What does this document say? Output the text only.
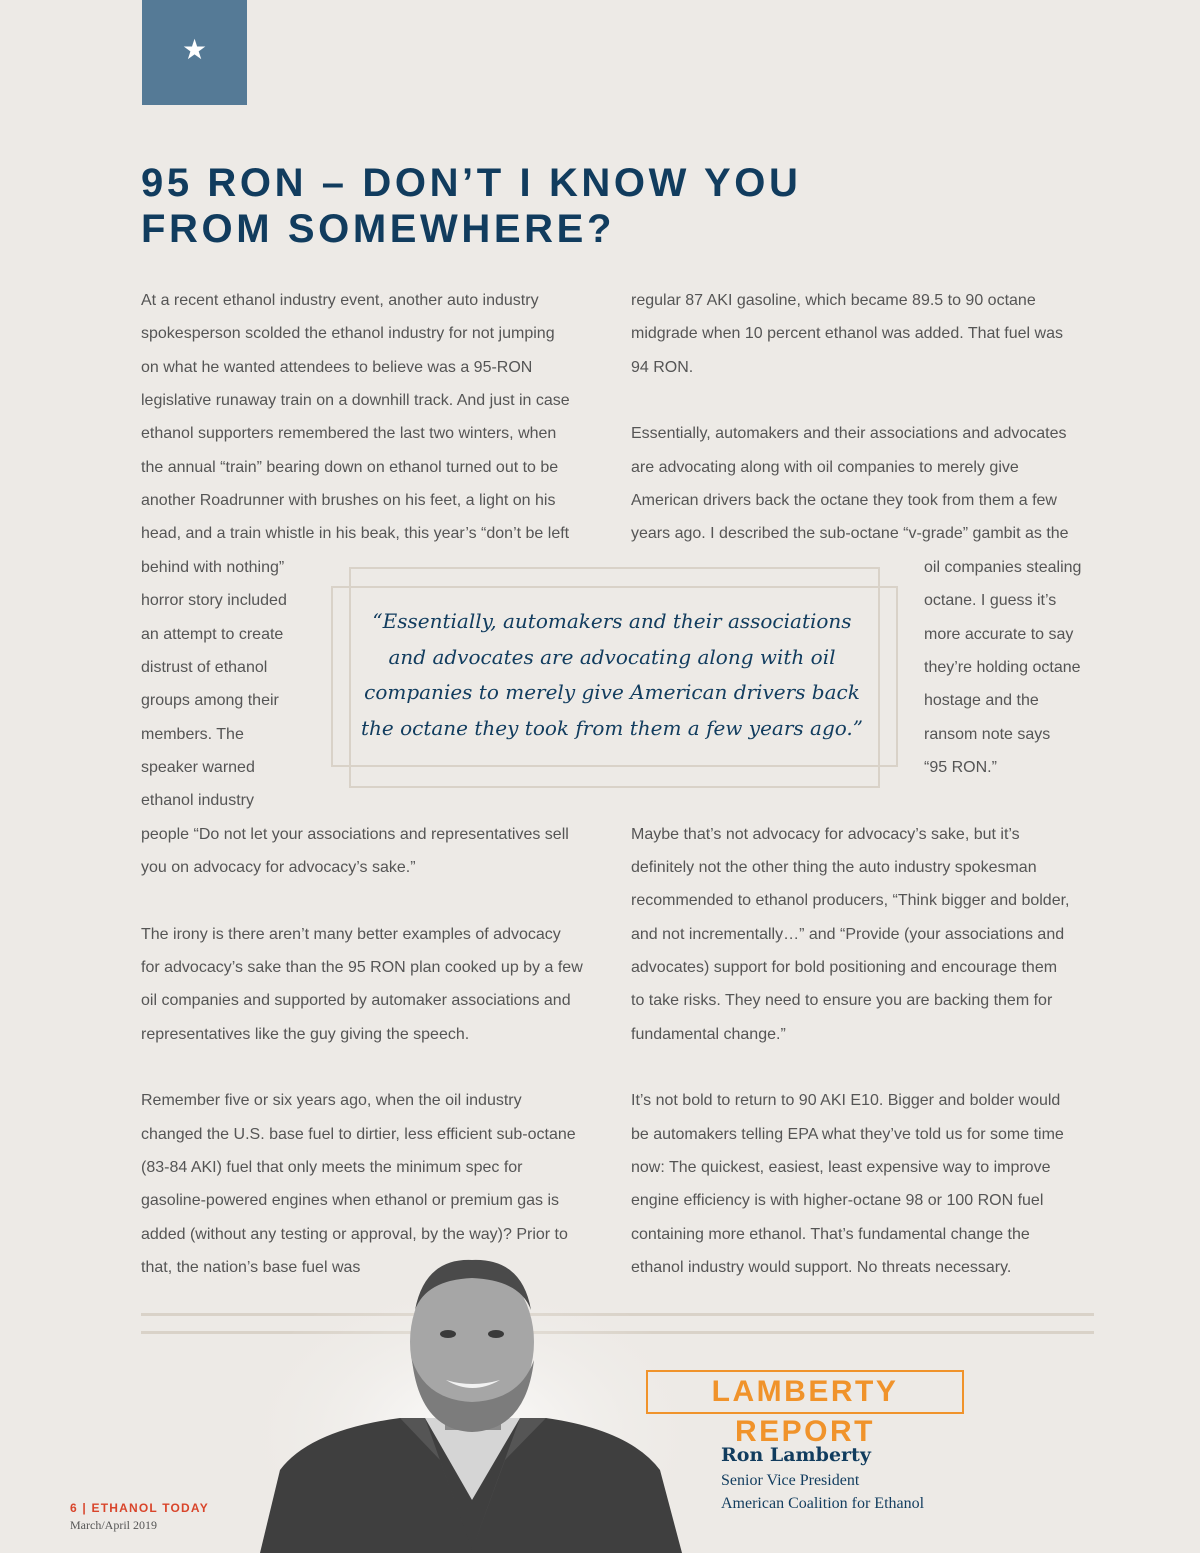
★
95 RON – DON’T I KNOW YOU FROM SOMEWHERE?
At a recent ethanol industry event, another auto industry
spokesperson scolded the ethanol industry for not jumping
on what he wanted attendees to believe was a 95-RON
legislative runaway train on a downhill track. And just in case
ethanol supporters remembered the last two winters, when
the annual “train” bearing down on ethanol turned out to be
another Roadrunner with brushes on his feet, a light on his
head, and a train whistle in his beak, this year’s “don’t be left
behind with nothing”
horror story included
an attempt to create
distrust of ethanol
groups among their
members. The
speaker warned
ethanol industry
people “Do not let your associations and representatives sell
you on advocacy for advocacy’s sake.”
The irony is there aren’t many better examples of advocacy
for advocacy’s sake than the 95 RON plan cooked up by a few
oil companies and supported by automaker associations and
representatives like the guy giving the speech.
Remember five or six years ago, when the oil industry
changed the U.S. base fuel to dirtier, less efficient sub-octane
(83-84 AKI) fuel that only meets the minimum spec for
gasoline-powered engines when ethanol or premium gas is
added (without any testing or approval, by the way)? Prior to
that, the nation’s base fuel was
regular 87 AKI gasoline, which became 89.5 to 90 octane
midgrade when 10 percent ethanol was added. That fuel was
94 RON.
Essentially, automakers and their associations and advocates
are advocating along with oil companies to merely give
American drivers back the octane they took from them a few
years ago. I described the sub-octane “v-grade” gambit as the
oil companies stealing
octane. I guess it’s
more accurate to say
they’re holding octane
hostage and the
ransom note says
“95 RON.”
Maybe that’s not advocacy for advocacy’s sake, but it’s
definitely not the other thing the auto industry spokesman
recommended to ethanol producers, “Think bigger and bolder,
and not incrementally…” and “Provide (your associations and
advocates) support for bold positioning and encourage them
to take risks. They need to ensure you are backing them for
fundamental change.”
It’s not bold to return to 90 AKI E10. Bigger and bolder would
be automakers telling EPA what they’ve told us for some time
now: The quickest, easiest, least expensive way to improve
engine efficiency is with higher-octane 98 or 100 RON fuel
containing more ethanol. That’s fundamental change the
ethanol industry would support. No threats necessary.

“Essentially, automakers and their associations and advocates are advocating along with oil companies to merely give American drivers back the octane they took from them a few years ago.”

LAMBERTY REPORT
Ron Lamberty
Senior Vice President
American Coalition for Ethanol
6 | ETHANOL TODAY
March/April 2019
